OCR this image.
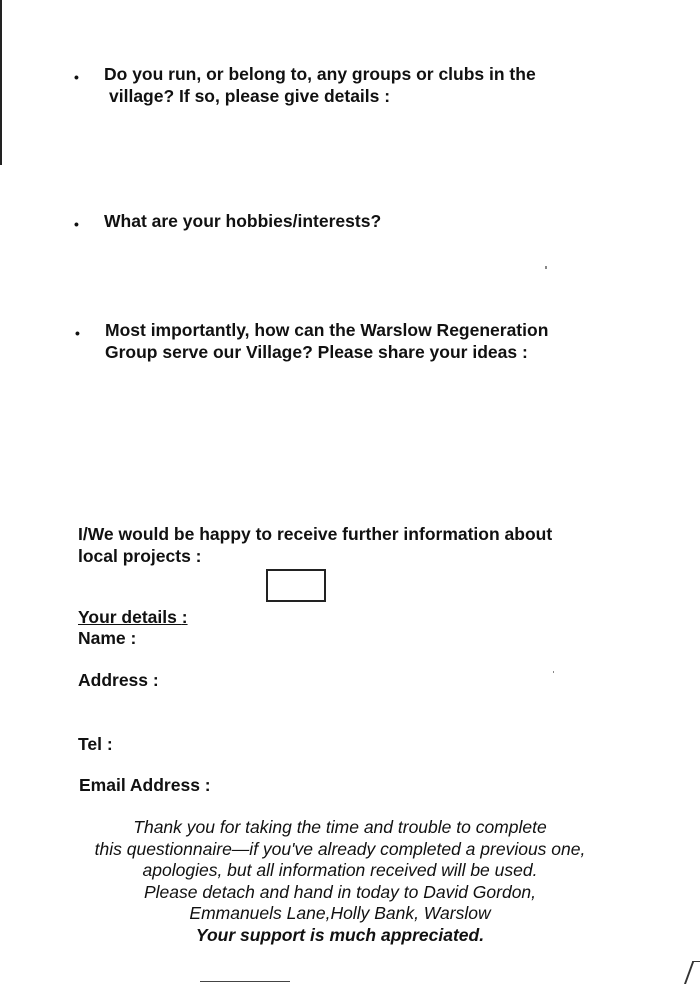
• Do you run, or belong to, any groups or clubs in the
village? If so, please give details :
• What are your hobbies/interests?
• Most importantly, how can the Warslow Regeneration
Group serve our Village? Please share your ideas :
I/We would be happy to receive further information about
local projects :
Your details :
Name :
Address :
Tel :
Email Address :
Thank you for taking the time and trouble to complete
this questionnaire—if you've already completed a previous one,
apologies, but all information received will be used.
Please detach and hand in today to David Gordon,
Emmanuels Lane,Holly Bank, Warslow
Your support is much appreciated.
